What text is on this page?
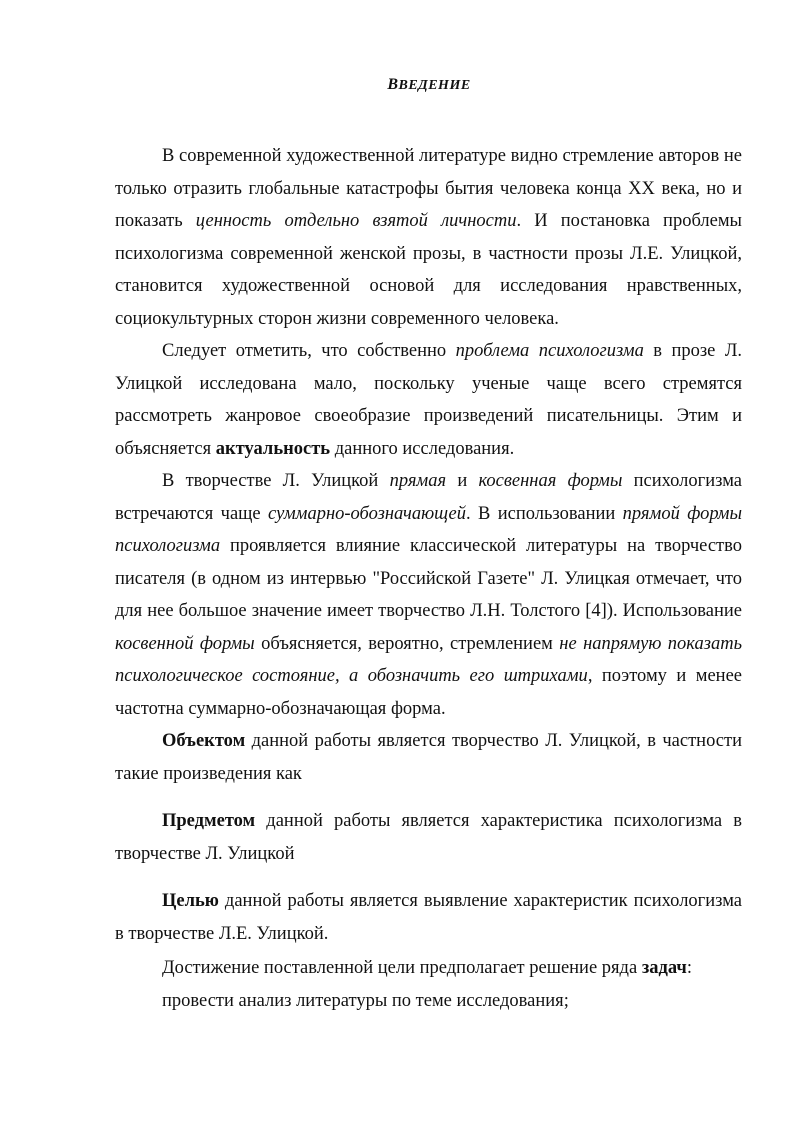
ВВЕДЕНИЕ

В современной художественной литературе видно стремление авторов не только отразить глобальные катастрофы бытия человека конца XX века, но и показать ценность отдельно взятой личности. И постановка проблемы психологизма современной женской прозы, в частности прозы Л.Е. Улицкой, становится художественной основой для исследования нравственных, социокультурных сторон жизни современного человека.

Следует отметить, что собственно проблема психологизма в прозе Л. Улицкой исследована мало, поскольку ученые чаще всего стремятся рассмотреть жанровое своеобразие произведений писательницы. Этим и объясняется актуальность данного исследования.

В творчестве Л. Улицкой прямая и косвенная формы психологизма встречаются чаще суммарно-обозначающей. В использовании прямой формы психологизма проявляется влияние классической литературы на творчество писателя (в одном из интервью "Российской Газете" Л. Улицкая отмечает, что для нее большое значение имеет творчество Л.Н. Толстого [4]). Использование косвенной формы объясняется, вероятно, стремлением не напрямую показать психологическое состояние, а обозначить его штрихами, поэтому и менее частотна суммарно-обозначающая форма.

Объектом данной работы является творчество Л. Улицкой, в частности такие произведения как

Предметом данной работы является характеристика психологизма в творчестве Л. Улицкой

Целью данной работы является выявление характеристик психологизма в творчестве Л.Е. Улицкой.

Достижение поставленной цели предполагает решение ряда задач:

провести анализ литературы по теме исследования;
